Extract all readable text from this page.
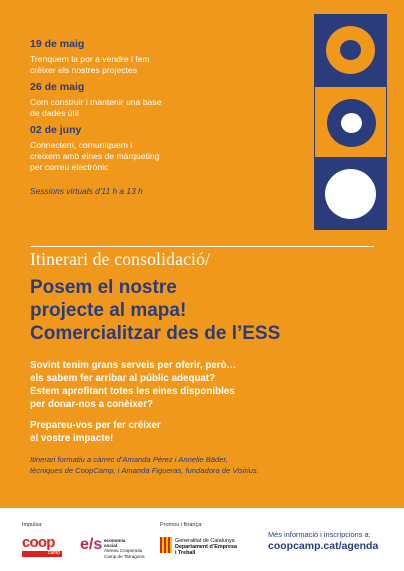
19 de maig
Trenquem la por a vendre i fem
créixer els nostres projectes
26 de maig
Com construir i mantenir una base
de dades útil
02 de juny
Connectem, comuniquem i
creixem amb eines de màrqueting
per correu electrònic
Sessions virtuals d'11 h a 13 h
Itinerari de consolidació/
Posem el nostre
projecte al mapa!
Comercialitzar des de l’ESS
Sovint tenim grans serveis per oferir, però…
els sabem fer arribar al públic adequat?
Estem aprofitant totes les eines disponibles
per donar-nos a conèixer?
Prepareu-vos per fer créixer
el vostre impacte!
Itinerari formatiu a càrrec d’Amanda Pérez i Annelie Bäder,
tècniques de CoopCamp, i Amanda Figueras, fundadora de Visirius.
Impulsa:	Promou i finança:
coop
camp e/s economia
social
Ateneu Cooperatiu
Camp de Tarragona
Generalitat de Catalunya
Departament d’Empresa
i Treball
Més informació i inscripcions a:
coopcamp.cat/agenda
